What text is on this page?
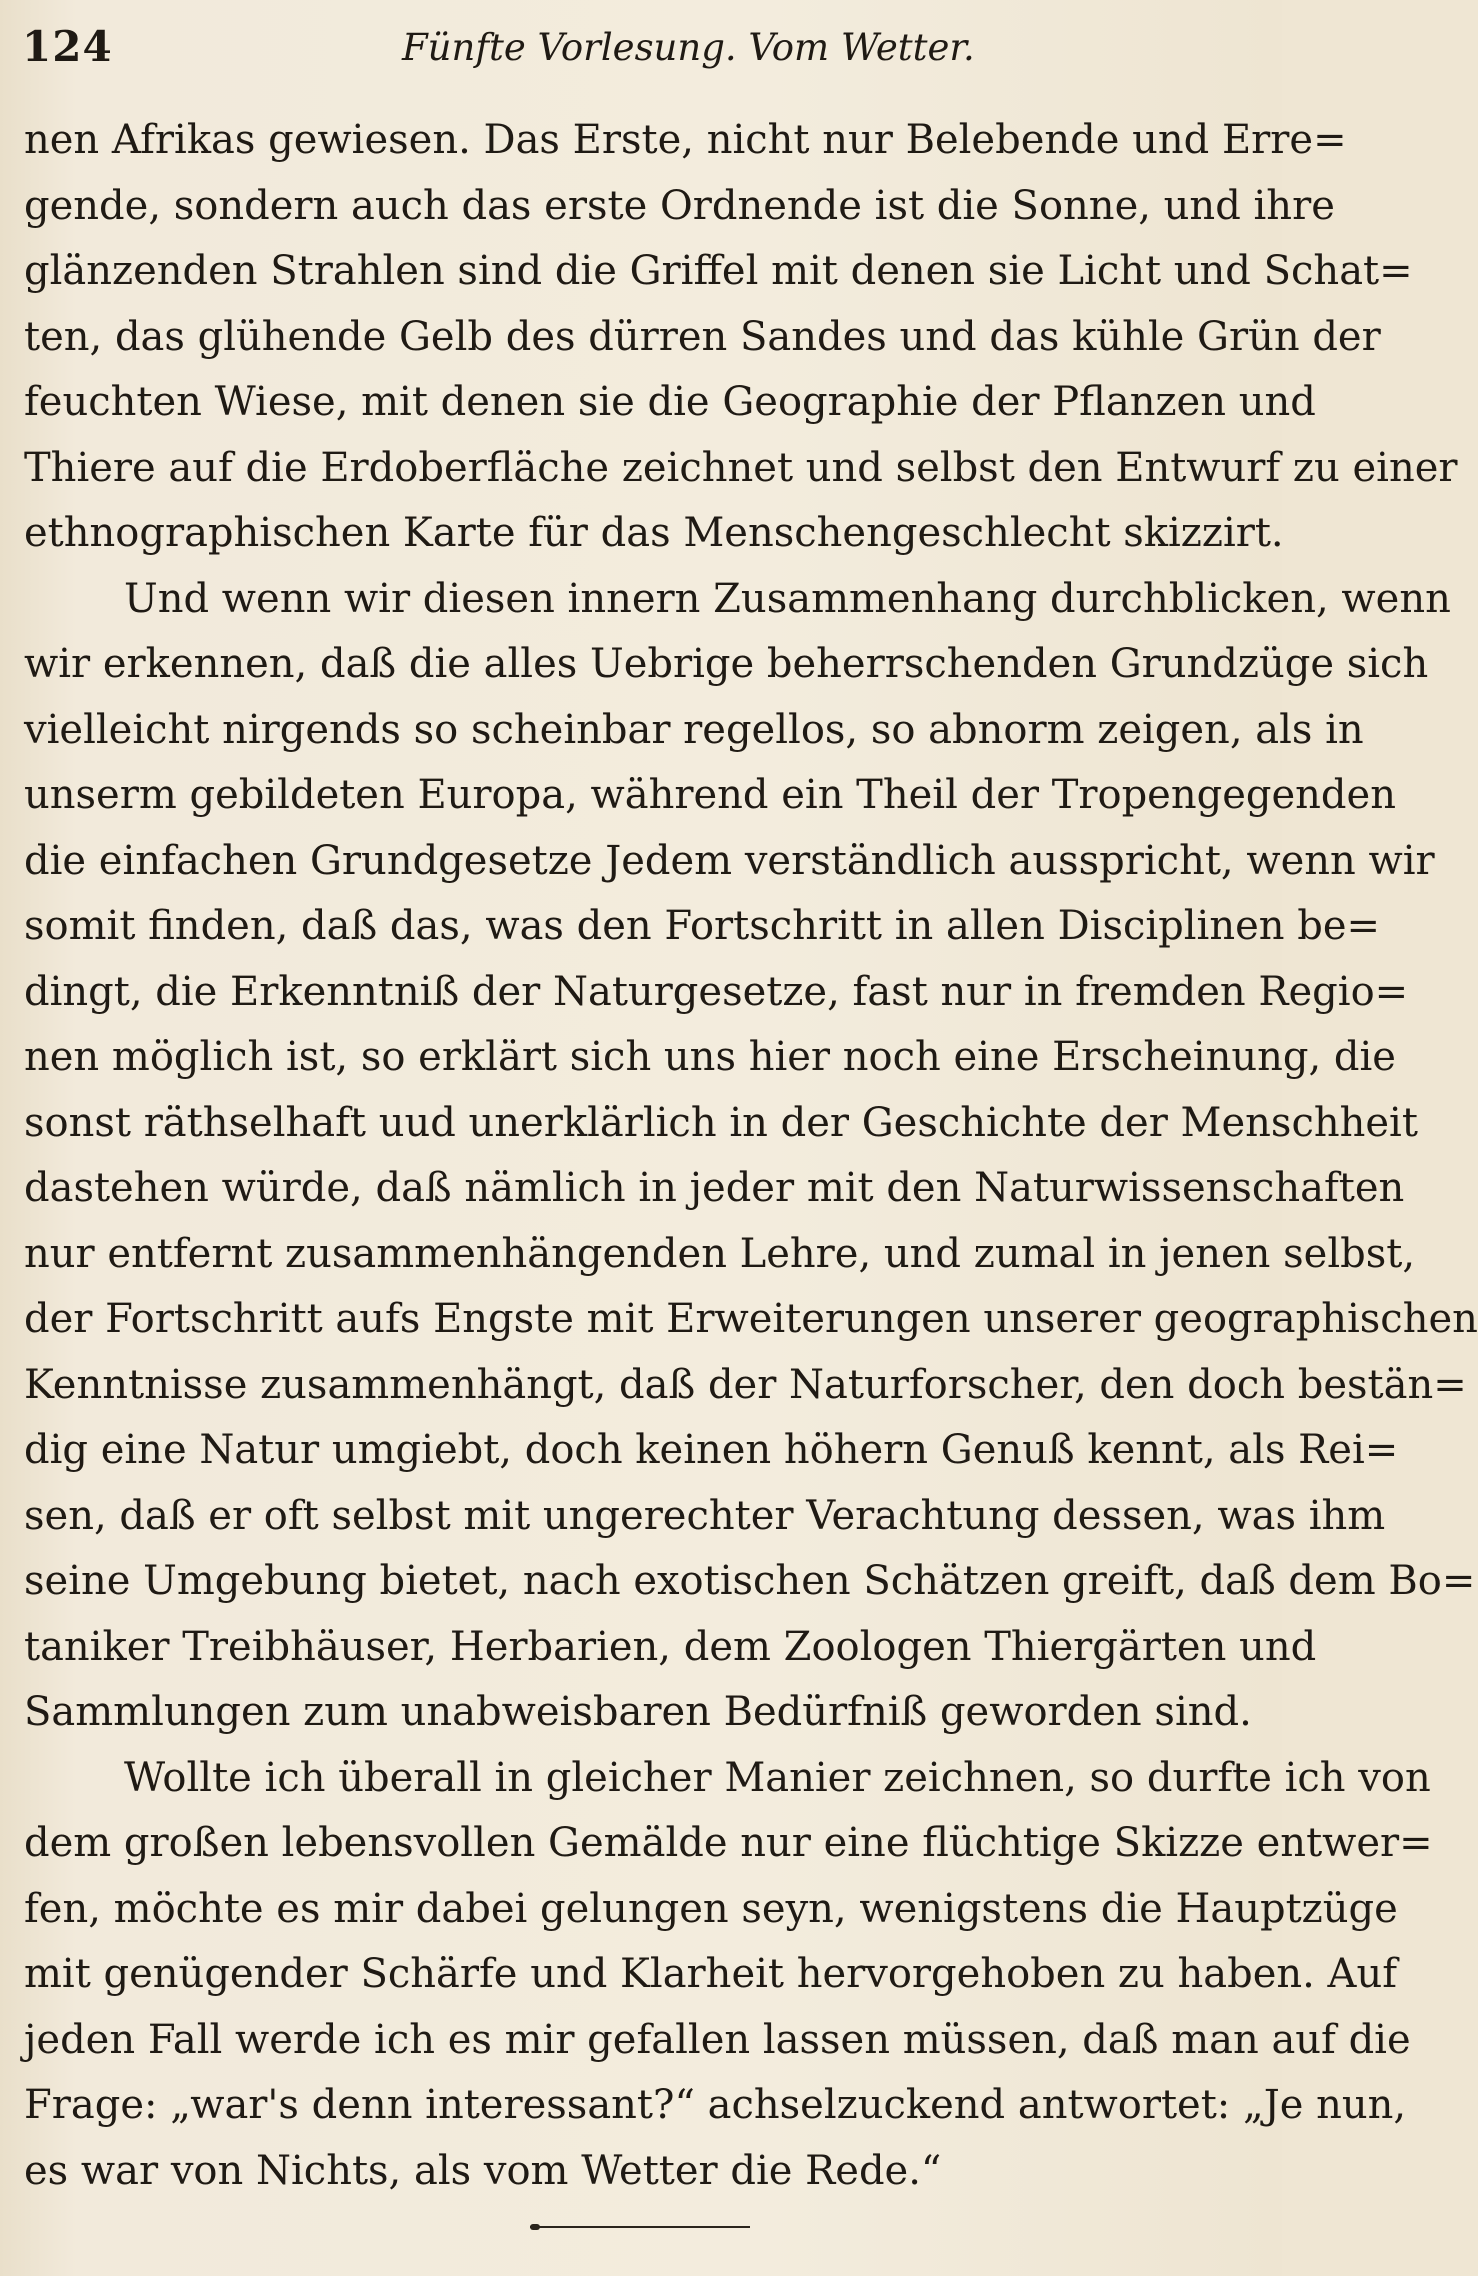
124	Fünfte Vorlesung. Vom Wetter.
nen Afrikas gewiesen. Das Erste, nicht nur Belebende und Erre=
gende, sondern auch das erste Ordnende ist die Sonne, und ihre
glänzenden Strahlen sind die Griffel mit denen sie Licht und Schat=
ten, das glühende Gelb des dürren Sandes und das kühle Grün der
feuchten Wiese, mit denen sie die Geographie der Pflanzen und
Thiere auf die Erdoberfläche zeichnet und selbst den Entwurf zu einer
ethnographischen Karte für das Menschengeschlecht skizzirt.
Und wenn wir diesen innern Zusammenhang durchblicken, wenn
wir erkennen, daß die alles Uebrige beherrschenden Grundzüge sich
vielleicht nirgends so scheinbar regellos, so abnorm zeigen, als in
unserm gebildeten Europa, während ein Theil der Tropengegenden
die einfachen Grundgesetze Jedem verständlich ausspricht, wenn wir
somit finden, daß das, was den Fortschritt in allen Disciplinen be=
dingt, die Erkenntniß der Naturgesetze, fast nur in fremden Regio=
nen möglich ist, so erklärt sich uns hier noch eine Erscheinung, die
sonst räthselhaft uud unerklärlich in der Geschichte der Menschheit
dastehen würde, daß nämlich in jeder mit den Naturwissenschaften
nur entfernt zusammenhängenden Lehre, und zumal in jenen selbst,
der Fortschritt aufs Engste mit Erweiterungen unserer geographischen
Kenntnisse zusammenhängt, daß der Naturforscher, den doch bestän=
dig eine Natur umgiebt, doch keinen höhern Genuß kennt, als Rei=
sen, daß er oft selbst mit ungerechter Verachtung dessen, was ihm
seine Umgebung bietet, nach exotischen Schätzen greift, daß dem Bo=
taniker Treibhäuser, Herbarien, dem Zoologen Thiergärten und
Sammlungen zum unabweisbaren Bedürfniß geworden sind.
Wollte ich überall in gleicher Manier zeichnen, so durfte ich von
dem großen lebensvollen Gemälde nur eine flüchtige Skizze entwer=
fen, möchte es mir dabei gelungen seyn, wenigstens die Hauptzüge
mit genügender Schärfe und Klarheit hervorgehoben zu haben. Auf
jeden Fall werde ich es mir gefallen lassen müssen, daß man auf die
Frage: „war's denn interessant?“ achselzuckend antwortet: „Je nun,
es war von Nichts, als vom Wetter die Rede.“
